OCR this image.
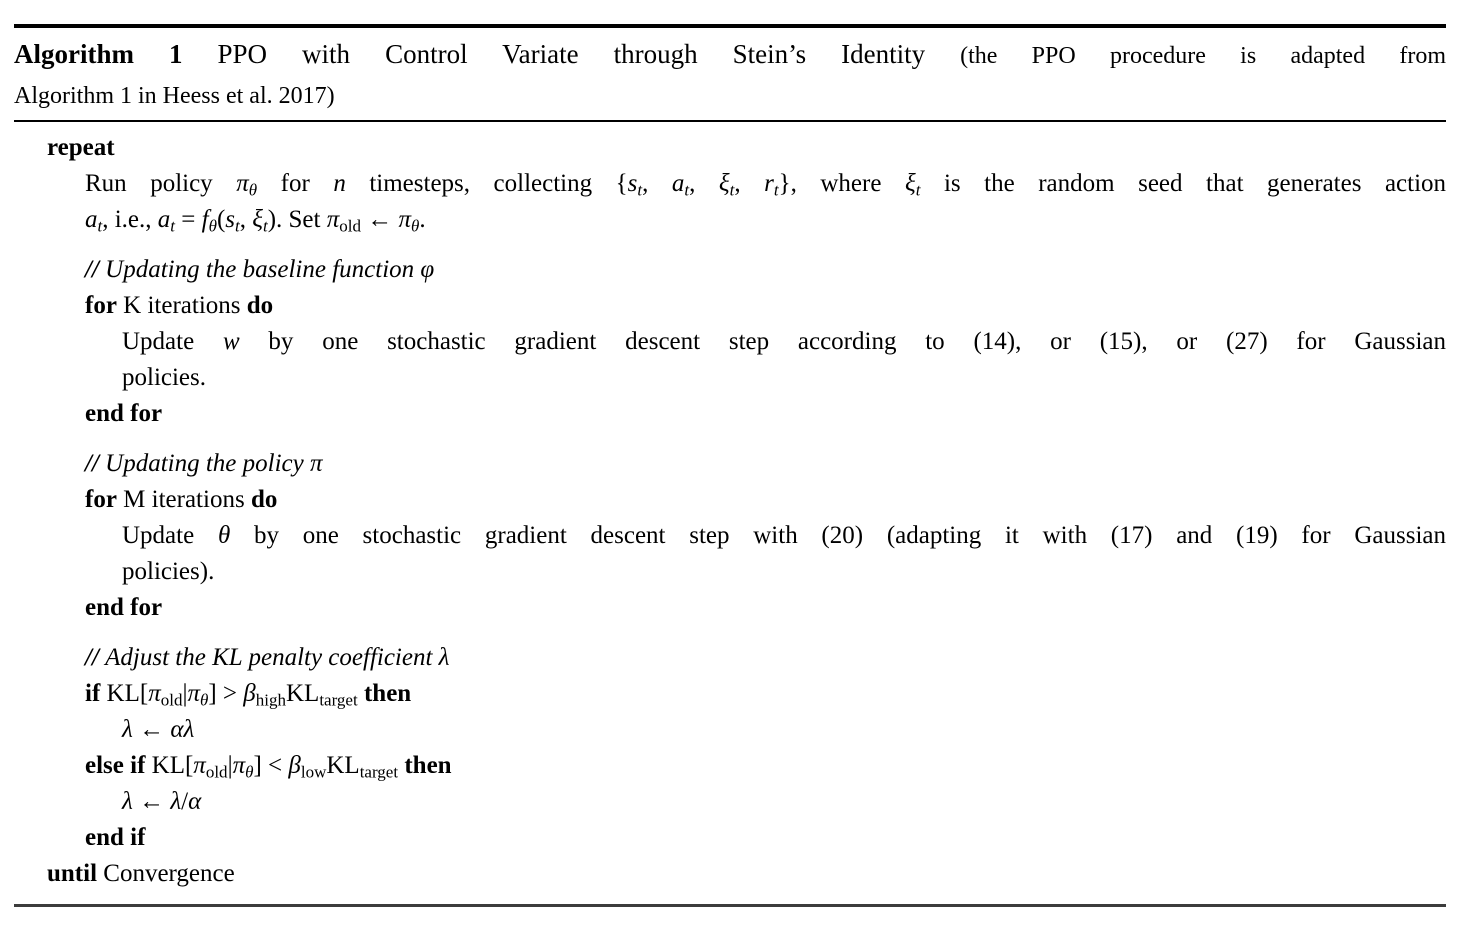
Algorithm 1 PPO with Control Variate through Stein’s Identity (the PPO procedure is adapted from
Algorithm 1 in Heess et al. 2017)
repeat
Run policy $\pi_\theta$ for n timesteps, collecting {$s_t$, $a_t$, $\xi_t$, $r_t$}, where $\xi_t$ is the random seed that generates action
$a_t$, i.e., $a_t = f_\theta(s_t$, $\xi_t$). Set $\pi_{old}$ ← $\pi_\theta$.
// Updating the baseline function φ
for K iterations do
Update w by one stochastic gradient descent step according to (14), or (15), or (27) for Gaussian
policies.
end for
// Updating the policy π
for M iterations do
Update θ by one stochastic gradient descent step with (20) (adapting it with (17) and (19) for Gaussian
policies).
end for
// Adjust the KL penalty coefficient λ
if $KL[\pi_{old}|\pi_\theta] > \beta_{high}KL_{target}$ then
λ ← αλ
else if $KL[\pi_{old}|\pi_\theta] < \beta_{low}KL_{target}$ then
λ ← λ/α
end if
until Convergence
